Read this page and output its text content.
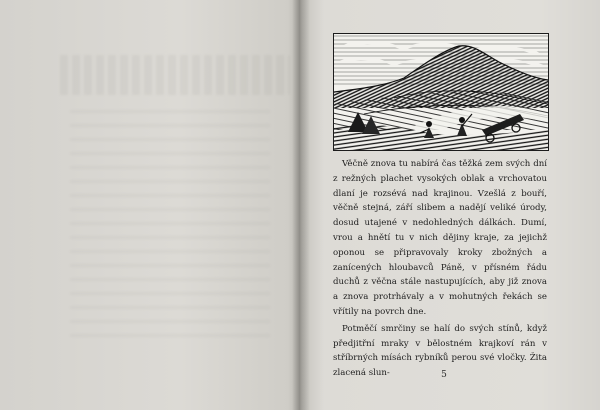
Věčně znova tu nabírá čas těžká zem svých dní z režných plachet vysokých oblak a vrchovatou dlaní je rozsévá nad krajinou. Vzešlá z bouří, věčně stejná, září slibem a nadějí veliké úrody, dosud utajené v nedohledných dálkách. Dumí, vrou a hnětí tu v nich dějiny kraje, za jejichž oponou se připravovaly kroky zbožných a zanícených hloubavců Páně, v přísném řádu duchů z věčna stále nastupujících, aby již znova a znova protrhávaly a v mohutných řekách se vřítily na povrch dne.

Potměčí smrčiny se halí do svých stínů, když předjitřní mraky v bělostném krajkoví rán v stříbrných mísách rybníků perou své vločky. Žita zlacená slun-	5
